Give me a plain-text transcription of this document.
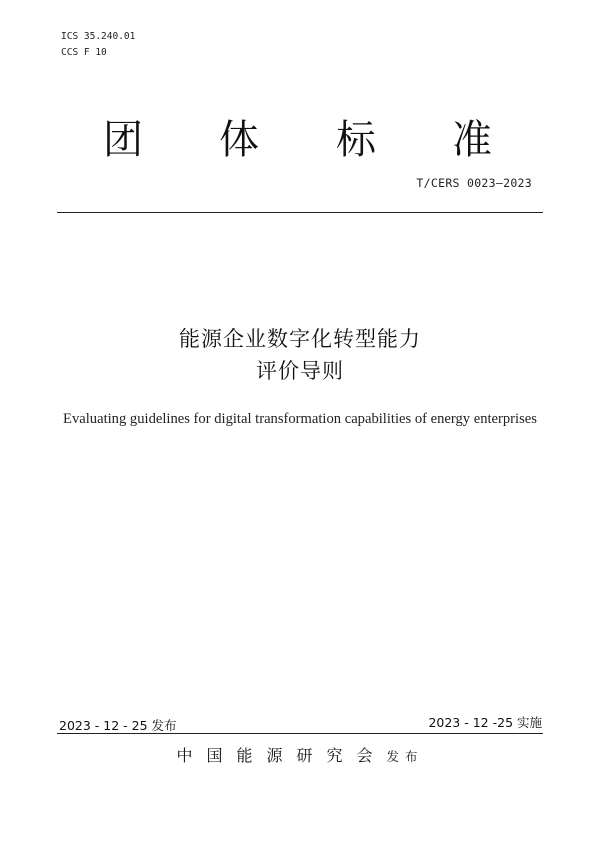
ICS 35.240.01
CCS F 10
团 体 标 准
T/CERS 0023—2023
能源企业数字化转型能力
评价导则
Evaluating guidelines for digital transformation capabilities of energy enterprises
2023 - 12 - 25 发布	2023 - 12 -25 实施
中国能源研究会发布
